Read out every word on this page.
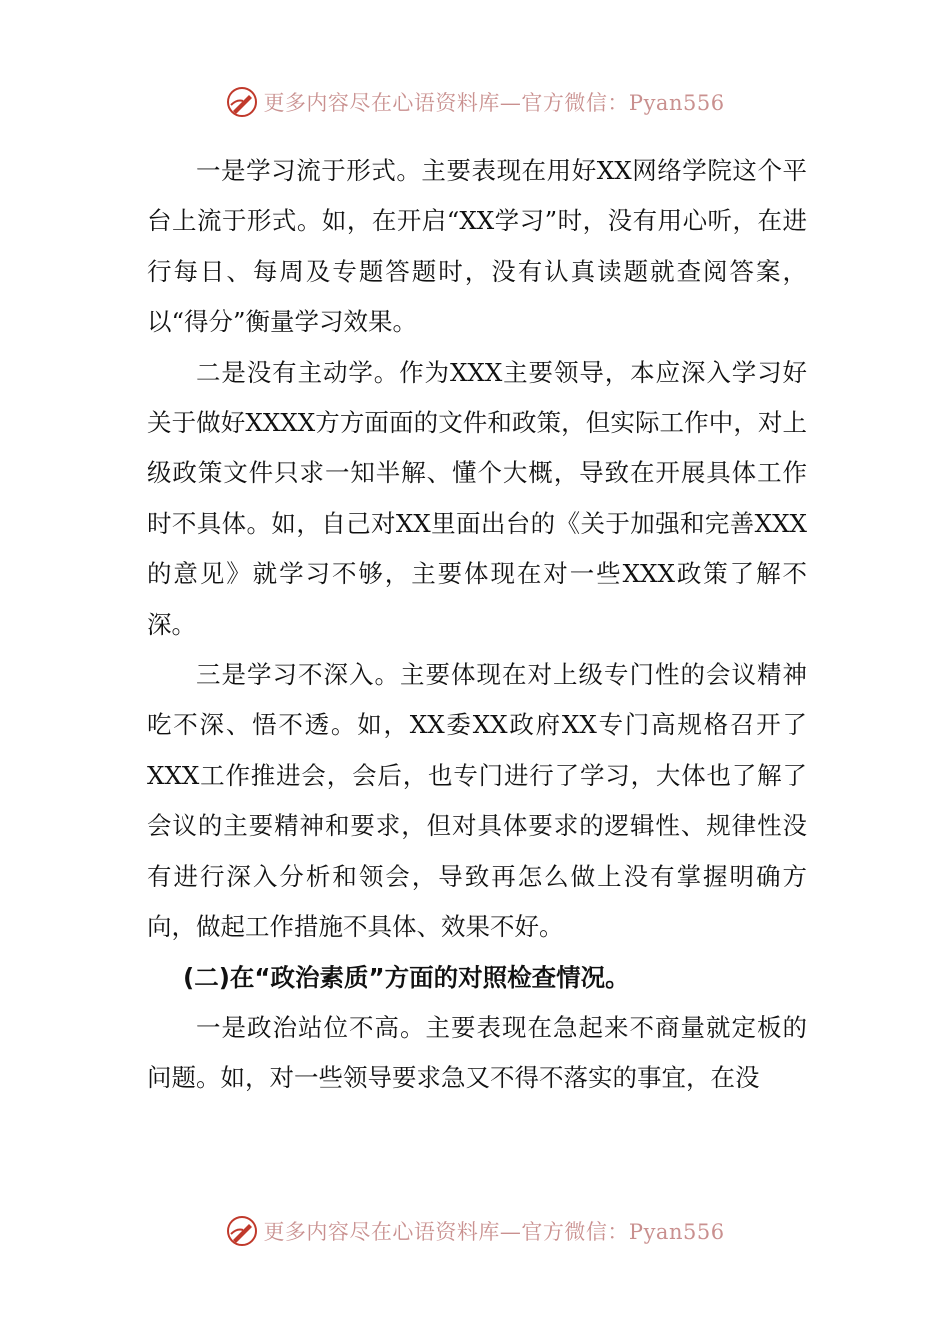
更多内容尽在心语资料库—官方微信：Pyan556

一是学习流于形式。主要表现在用好XX网络学院这个平台上流于形式。如，在开启“XX学习”时，没有用心听，在进行每日、每周及专题答题时，没有认真读题就查阅答案，以“得分”衡量学习效果。

二是没有主动学。作为XXX主要领导，本应深入学习好关于做好XXXX方方面面的文件和政策，但实际工作中，对上级政策文件只求一知半解、懂个大概，导致在开展具体工作时不具体。如，自己对XX里面出台的《关于加强和完善XXX的意见》就学习不够，主要体现在对一些XXX政策了解不深。

三是学习不深入。主要体现在对上级专门性的会议精神吃不深、悟不透。如，XX委XX政府XX专门高规格召开了XXX工作推进会，会后，也专门进行了学习，大体也了解了会议的主要精神和要求，但对具体要求的逻辑性、规律性没有进行深入分析和领会，导致再怎么做上没有掌握明确方向，做起工作措施不具体、效果不好。

(二)在“政治素质”方面的对照检查情况。

一是政治站位不高。主要表现在急起来不商量就定板的问题。如，对一些领导要求急又不得不落实的事宜，在没

更多内容尽在心语资料库—官方微信：Pyan556
